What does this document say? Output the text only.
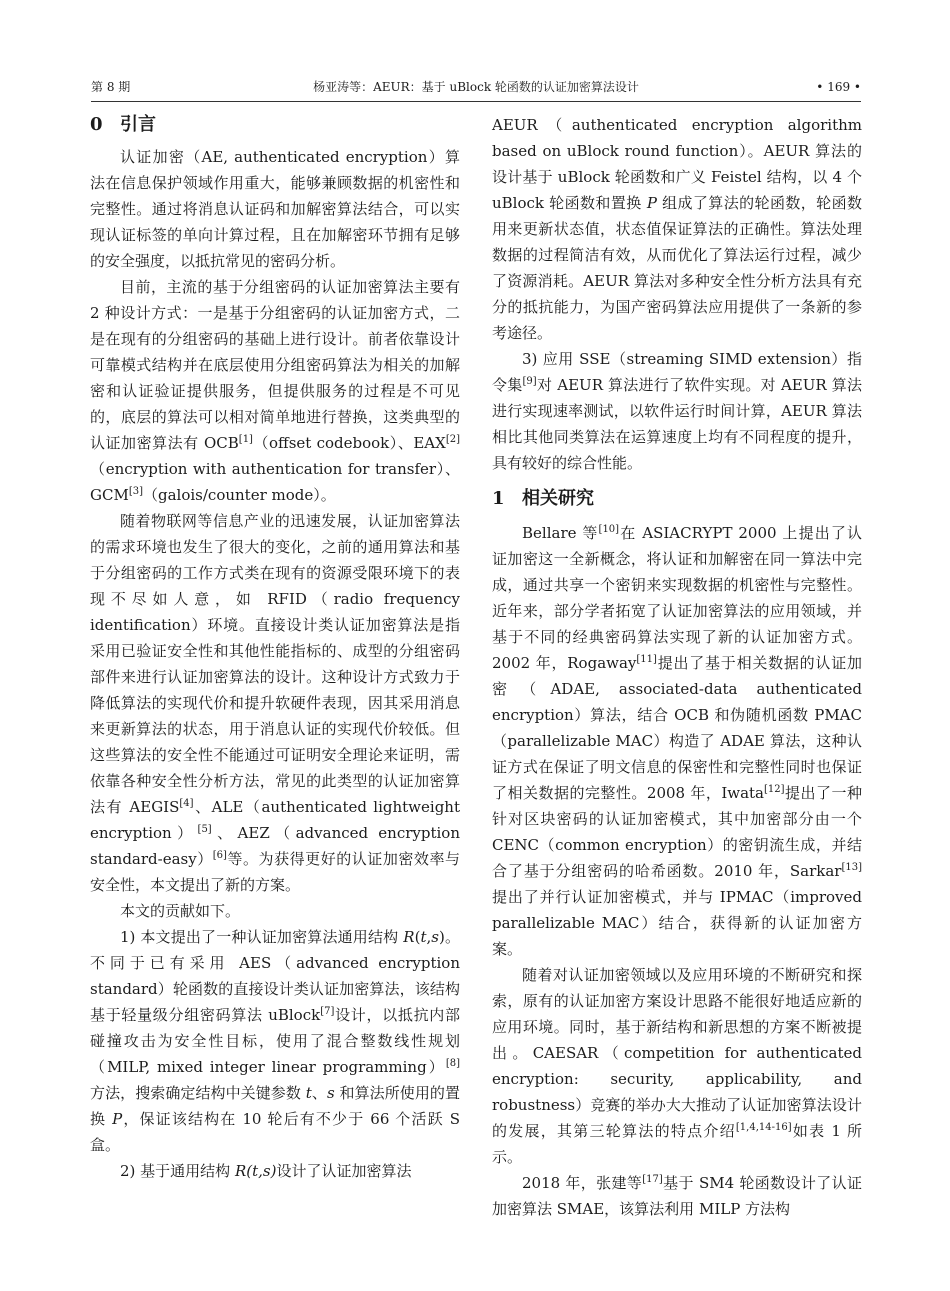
第 8 期	杨亚涛等：AEUR：基于 uBlock 轮函数的认证加密算法设计	• 169 •
0 引言

认证加密（AE, authenticated encryption）算法在信息保护领域作用重大，能够兼顾数据的机密性和完整性。通过将消息认证码和加解密算法结合，可以实现认证标签的单向计算过程，且在加解密环节拥有足够的安全强度，以抵抗常见的密码分析。

目前，主流的基于分组密码的认证加密算法主要有 2 种设计方式：一是基于分组密码的认证加密方式，二是在现有的分组密码的基础上进行设计。前者依靠设计可靠模式结构并在底层使用分组密码算法为相关的加解密和认证验证提供服务，但提供服务的过程是不可见的，底层的算法可以相对简单地进行替换，这类典型的认证加密算法有 OCB[1]（offset codebook）、EAX[2]（encryption with authentication for transfer）、GCM[3]（galois/counter mode）。

随着物联网等信息产业的迅速发展，认证加密算法的需求环境也发生了很大的变化，之前的通用算法和基于分组密码的工作方式类在现有的资源受限环境下的表现不尽如人意，如 RFID（radio frequency identification）环境。直接设计类认证加密算法是指采用已验证安全性和其他性能指标的、成型的分组密码部件来进行认证加密算法的设计。这种设计方式致力于降低算法的实现代价和提升软硬件表现，因其采用消息来更新算法的状态，用于消息认证的实现代价较低。但这些算法的安全性不能通过可证明安全理论来证明，需依靠各种安全性分析方法，常见的此类型的认证加密算法有 AEGIS[4]、ALE（authenticated lightweight encryption）[5]、AEZ（advanced encryption standard-easy）[6]等。为获得更好的认证加密效率与安全性，本文提出了新的方案。

本文的贡献如下。

1) 本文提出了一种认证加密算法通用结构 R(t,s)。不同于已有采用 AES（advanced encryption standard）轮函数的直接设计类认证加密算法，该结构基于轻量级分组密码算法 uBlock[7]设计，以抵抗内部碰撞攻击为安全性目标，使用了混合整数线性规划（MILP, mixed integer linear programming）[8]方法，搜索确定结构中关键参数 t、s 和算法所使用的置换 P，保证该结构在 10 轮后有不少于 66 个活跃 S 盒。

2) 基于通用结构 R(t,s)设计了认证加密算法

AEUR（authenticated encryption algorithm based on uBlock round function）。AEUR 算法的设计基于 uBlock 轮函数和广义 Feistel 结构，以 4 个 uBlock 轮函数和置换 P 组成了算法的轮函数，轮函数用来更新状态值，状态值保证算法的正确性。算法处理数据的过程简洁有效，从而优化了算法运行过程，减少了资源消耗。AEUR 算法对多种安全性分析方法具有充分的抵抗能力，为国产密码算法应用提供了一条新的参考途径。

3) 应用 SSE（streaming SIMD extension）指令集[9]对 AEUR 算法进行了软件实现。对 AEUR 算法进行实现速率测试，以软件运行时间计算，AEUR 算法相比其他同类算法在运算速度上均有不同程度的提升，具有较好的综合性能。

1 相关研究

Bellare 等[10]在 ASIACRYPT 2000 上提出了认证加密这一全新概念，将认证和加解密在同一算法中完成，通过共享一个密钥来实现数据的机密性与完整性。近年来，部分学者拓宽了认证加密算法的应用领域，并基于不同的经典密码算法实现了新的认证加密方式。2002 年，Rogaway[11]提出了基于相关数据的认证加密（ADAE, associated-data authenticated encryption）算法，结合 OCB 和伪随机函数 PMAC（parallelizable MAC）构造了 ADAE 算法，这种认证方式在保证了明文信息的保密性和完整性同时也保证了相关数据的完整性。2008 年，Iwata[12]提出了一种针对区块密码的认证加密模式，其中加密部分由一个 CENC（common encryption）的密钥流生成，并结合了基于分组密码的哈希函数。2010 年，Sarkar[13]提出了并行认证加密模式，并与 IPMAC（improved parallelizable MAC）结合，获得新的认证加密方案。

随着对认证加密领域以及应用环境的不断研究和探索，原有的认证加密方案设计思路不能很好地适应新的应用环境。同时，基于新结构和新思想的方案不断被提出。CAESAR（competition for authenticated encryption: security, applicability, and robustness）竞赛的举办大大推动了认证加密算法设计的发展，其第三轮算法的特点介绍[1,4,14-16]如表 1 所示。

2018 年，张建等[17]基于 SM4 轮函数设计了认证加密算法 SMAE，该算法利用 MILP 方法构
